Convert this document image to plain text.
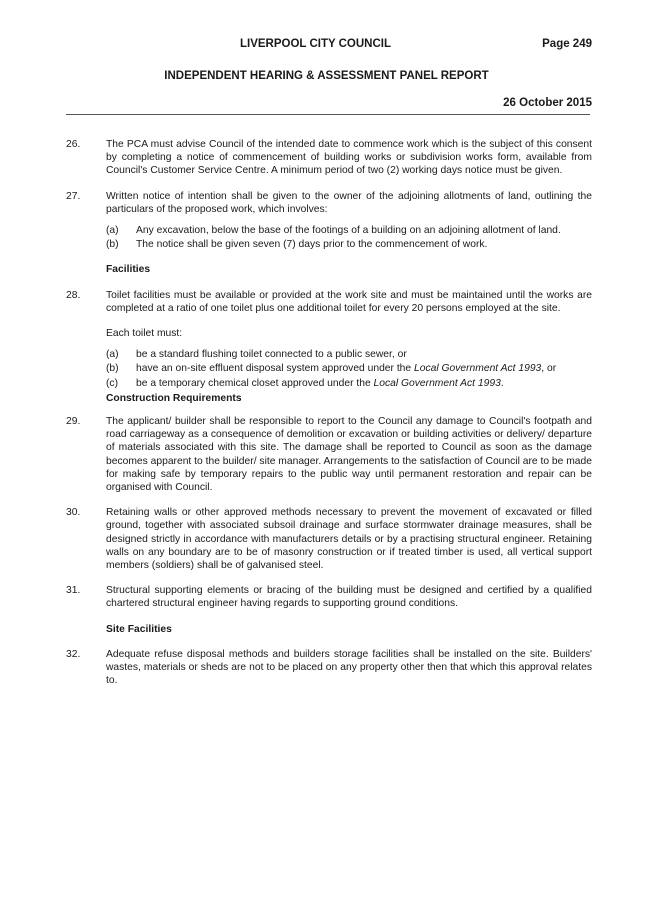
LIVERPOOL CITY COUNCIL	Page 249
INDEPENDENT HEARING & ASSESSMENT PANEL REPORT
26 October 2015
26.	The PCA must advise Council of the intended date to commence work which is the subject of this consent by completing a notice of commencement of building works or subdivision works form, available from Council's Customer Service Centre. A minimum period of two (2) working days notice must be given.
27.	Written notice of intention shall be given to the owner of the adjoining allotments of land, outlining the particulars of the proposed work, which involves:
(a)	Any excavation, below the base of the footings of a building on an adjoining allotment of land.
(b)	The notice shall be given seven (7) days prior to the commencement of work.
Facilities
28.	Toilet facilities must be available or provided at the work site and must be maintained until the works are completed at a ratio of one toilet plus one additional toilet for every 20 persons employed at the site.
Each toilet must:
(a)	be a standard flushing toilet connected to a public sewer, or
(b)	have an on-site effluent disposal system approved under the Local Government Act 1993, or
(c)	be a temporary chemical closet approved under the Local Government Act 1993.
Construction Requirements
29.	The applicant/ builder shall be responsible to report to the Council any damage to Council's footpath and road carriageway as a consequence of demolition or excavation or building activities or delivery/ departure of materials associated with this site. The damage shall be reported to Council as soon as the damage becomes apparent to the builder/ site manager. Arrangements to the satisfaction of Council are to be made for making safe by temporary repairs to the public way until permanent restoration and repair can be organised with Council.
30.	Retaining walls or other approved methods necessary to prevent the movement of excavated or filled ground, together with associated subsoil drainage and surface stormwater drainage measures, shall be designed strictly in accordance with manufacturers details or by a practising structural engineer. Retaining walls on any boundary are to be of masonry construction or if treated timber is used, all vertical support members (soldiers) shall be of galvanised steel.
31.	Structural supporting elements or bracing of the building must be designed and certified by a qualified chartered structural engineer having regards to supporting ground conditions.
Site Facilities
32.	Adequate refuse disposal methods and builders storage facilities shall be installed on the site. Builders' wastes, materials or sheds are not to be placed on any property other then that which this approval relates to.
